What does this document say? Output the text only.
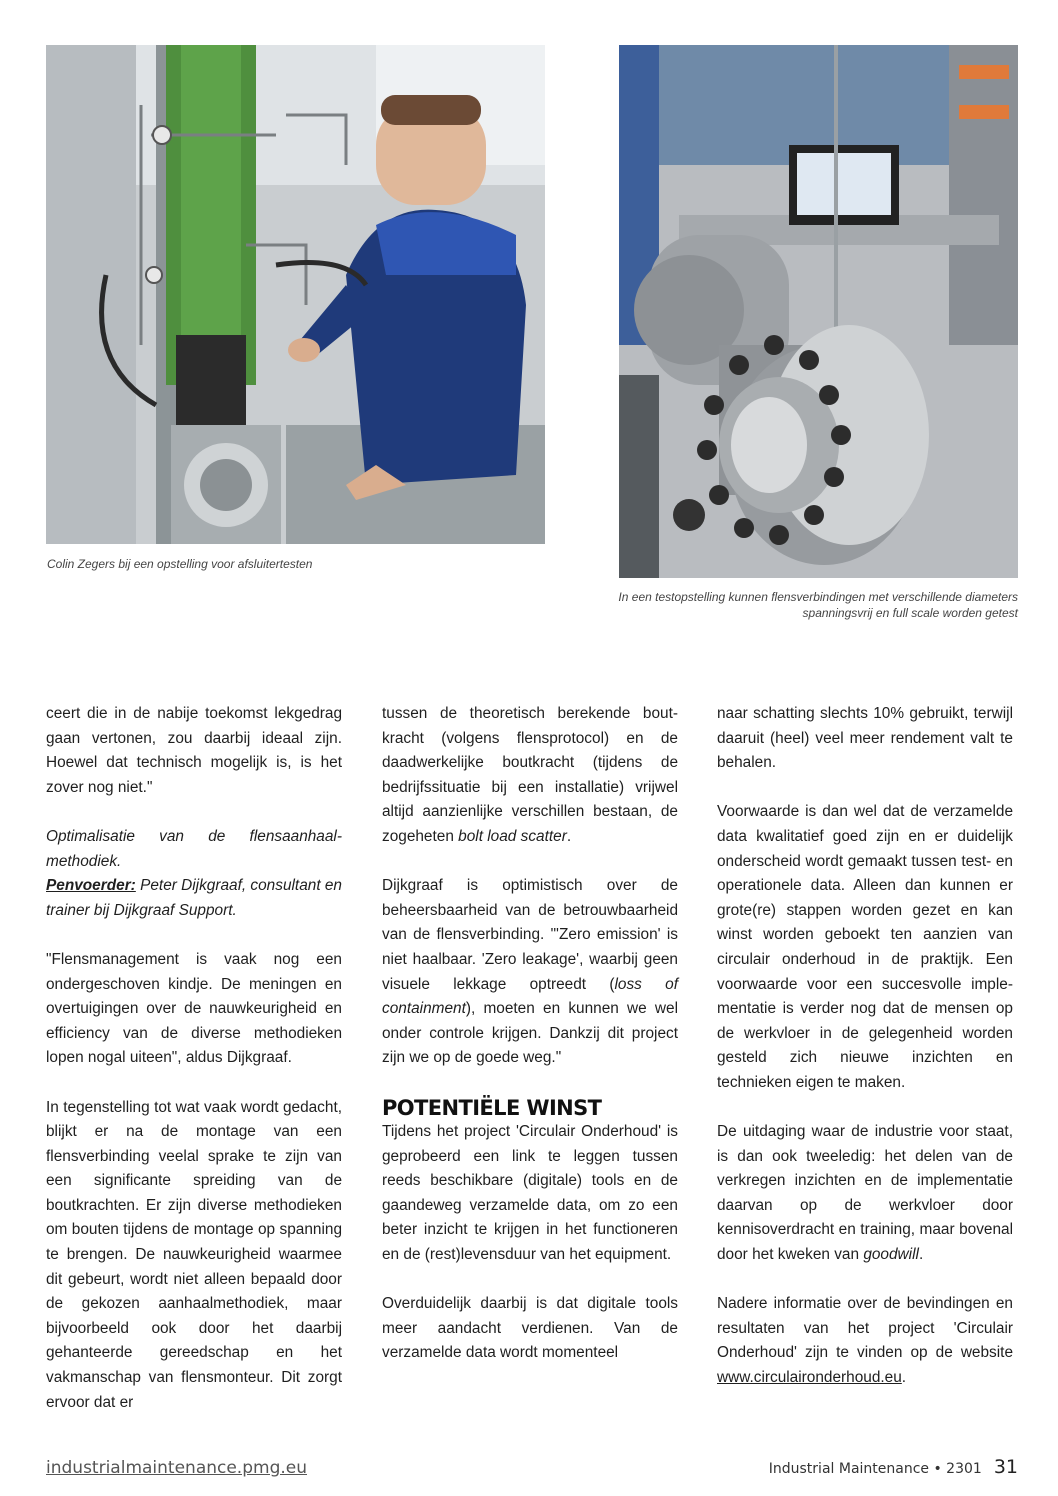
Colin Zegers bij een opstelling voor afsluitertesten
In een testopstelling kunnen flensverbindingen met verschillende diameters spanningsvrij en full scale worden getest

ceert die in de nabije toekomst lekgedrag gaan vertonen, zou daarbij ideaal zijn. Hoewel dat technisch mogelijk is, is het zover nog niet."

Optimalisatie van de flensaanhaalmethodiek.

Penvoerder: Peter Dijkgraaf, consultant en trainer bij Dijkgraaf Support.

"Flensmanagement is vaak nog een ondergeschoven kindje. De meningen en overtuigingen over de nauwkeurigheid en efficiency van de diverse methodieken lopen nogal uiteen", aldus Dijkgraaf.

In tegenstelling tot wat vaak wordt gedacht, blijkt er na de montage van een flensverbinding veelal sprake te zijn van een significante spreiding van de boutkrachten. Er zijn diverse methodieken om bouten tijdens de montage op spanning te brengen. De nauwkeurigheid waarmee dit gebeurt, wordt niet alleen bepaald door de gekozen aanhaalmethodiek, maar bijvoorbeeld ook door het daarbij gehanteerde gereedschap en het vakmanschap van flensmonteur. Dit zorgt ervoor dat er

tussen de theoretisch berekende boutkracht (volgens flensprotocol) en de daadwerkelijke boutkracht (tijdens de bedrijfssituatie bij een installatie) vrijwel altijd aanzienlijke verschillen bestaan, de zogeheten bolt load scatter.

Dijkgraaf is optimistisch over de beheersbaarheid van de betrouwbaarheid van de flensverbinding. "'Zero emission' is niet haalbaar. 'Zero leakage', waarbij geen visuele lekkage optreedt (loss of containment), moeten en kunnen we wel onder controle krijgen. Dankzij dit project zijn we op de goede weg."

POTENTIËLE WINST

Tijdens het project 'Circulair Onderhoud' is geprobeerd een link te leggen tussen reeds beschikbare (digitale) tools en de gaandeweg verzamelde data, om zo een beter inzicht te krijgen in het functioneren en de (rest)levensduur van het equipment.

Overduidelijk daarbij is dat digitale tools meer aandacht verdienen. Van de verzamelde data wordt momenteel

naar schatting slechts 10% gebruikt, terwijl daaruit (heel) veel meer rendement valt te behalen.

Voorwaarde is dan wel dat de verzamelde data kwalitatief goed zijn en er duidelijk onderscheid wordt gemaakt tussen test- en operationele data. Alleen dan kunnen er grote(re) stappen worden gezet en kan winst worden geboekt ten aanzien van circulair onderhoud in de praktijk. Een voorwaarde voor een succesvolle implementatie is verder nog dat de mensen op de werkvloer in de gelegenheid worden gesteld zich nieuwe inzichten en technieken eigen te maken.

De uitdaging waar de industrie voor staat, is dan ook tweeledig: het delen van de verkregen inzichten en de implementatie daarvan op de werkvloer door kennisoverdracht en training, maar bovenal door het kweken van goodwill.

Nadere informatie over de bevindingen en resultaten van het project 'Circulair Onderhoud' zijn te vinden op de website www.circulaironderhoud.eu.

industrialmaintenance.pmg.eu	Industrial Maintenance • 2301 31
